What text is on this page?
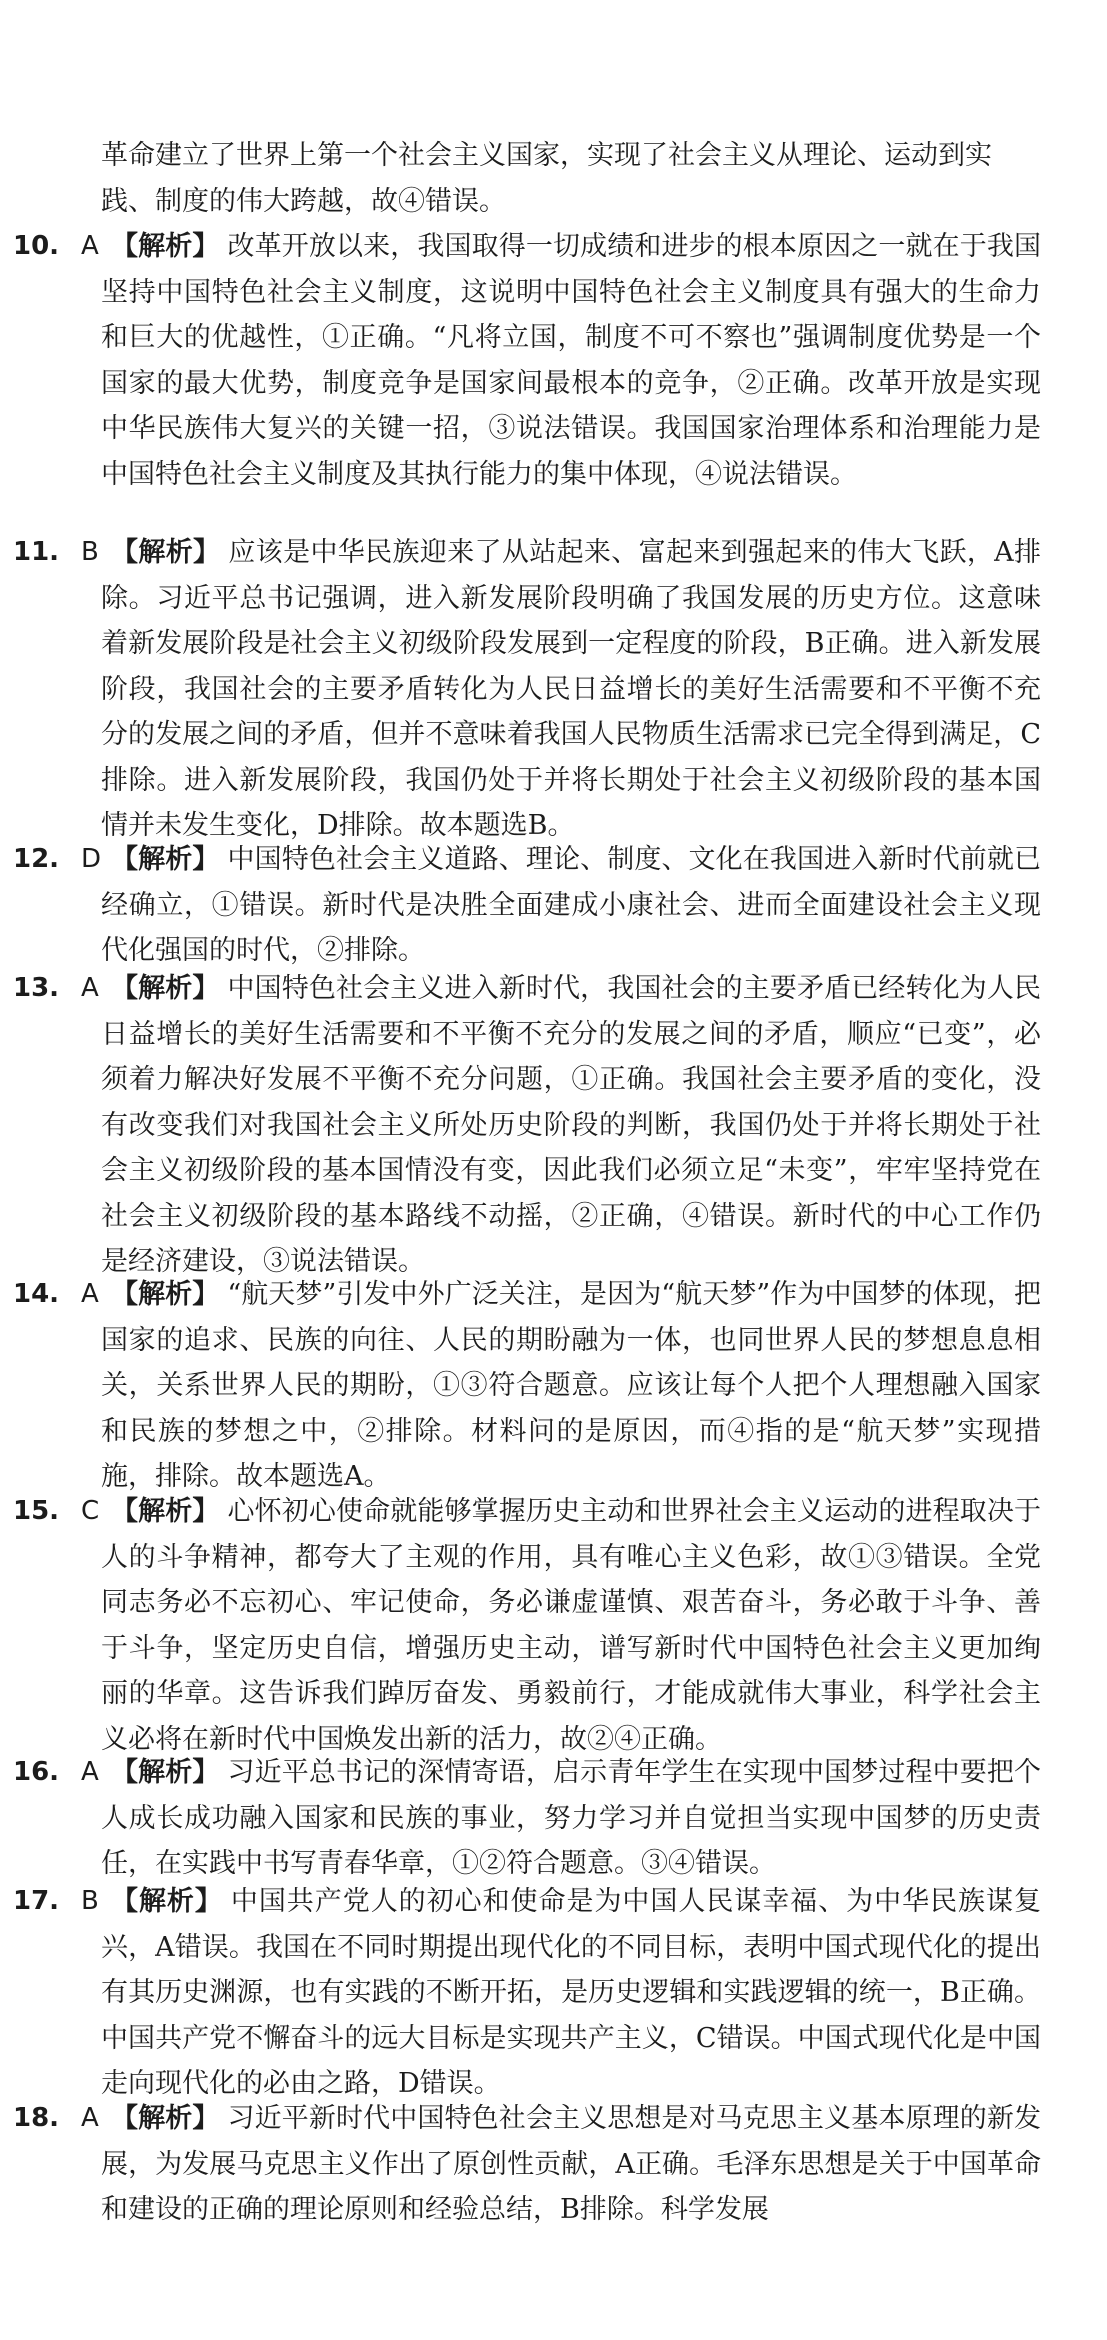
革命建立了世界上第一个社会主义国家，实现了社会主义从理论、运动到实践、制度的伟大跨越，故④错误。
10. A 【解析】 改革开放以来，我国取得一切成绩和进步的根本原因之一就在于我国坚持中国特色社会主义制度，这说明中国特色社会主义制度具有强大的生命力和巨大的优越性，①正确。“凡将立国，制度不可不察也”强调制度优势是一个国家的最大优势，制度竞争是国家间最根本的竞争，②正确。改革开放是实现中华民族伟大复兴的关键一招，③说法错误。我国国家治理体系和治理能力是中国特色社会主义制度及其执行能力的集中体现，④说法错误。
11. B 【解析】 应该是中华民族迎来了从站起来、富起来到强起来的伟大飞跃，A排除。习近平总书记强调，进入新发展阶段明确了我国发展的历史方位。这意味着新发展阶段是社会主义初级阶段发展到一定程度的阶段，B正确。进入新发展阶段，我国社会的主要矛盾转化为人民日益增长的美好生活需要和不平衡不充分的发展之间的矛盾，但并不意味着我国人民物质生活需求已完全得到满足，C排除。进入新发展阶段，我国仍处于并将长期处于社会主义初级阶段的基本国情并未发生变化，D排除。故本题选B。
12. D 【解析】 中国特色社会主义道路、理论、制度、文化在我国进入新时代前就已经确立，①错误。新时代是决胜全面建成小康社会、进而全面建设社会主义现代化强国的时代，②排除。
13. A 【解析】 中国特色社会主义进入新时代，我国社会的主要矛盾已经转化为人民日益增长的美好生活需要和不平衡不充分的发展之间的矛盾，顺应“已变”，必须着力解决好发展不平衡不充分问题，①正确。我国社会主要矛盾的变化，没有改变我们对我国社会主义所处历史阶段的判断，我国仍处于并将长期处于社会主义初级阶段的基本国情没有变，因此我们必须立足“未变”，牢牢坚持党在社会主义初级阶段的基本路线不动摇，②正确，④错误。新时代的中心工作仍是经济建设，③说法错误。
14. A 【解析】 “航天梦”引发中外广泛关注，是因为“航天梦”作为中国梦的体现，把国家的追求、民族的向往、人民的期盼融为一体，也同世界人民的梦想息息相关，关系世界人民的期盼，①③符合题意。应该让每个人把个人理想融入国家和民族的梦想之中，②排除。材料问的是原因，而④指的是“航天梦”实现措施，排除。故本题选A。
15. C 【解析】 心怀初心使命就能够掌握历史主动和世界社会主义运动的进程取决于人的斗争精神，都夸大了主观的作用，具有唯心主义色彩，故①③错误。全党同志务必不忘初心、牢记使命，务必谦虚谨慎、艰苦奋斗，务必敢于斗争、善于斗争，坚定历史自信，增强历史主动，谱写新时代中国特色社会主义更加绚丽的华章。这告诉我们踔厉奋发、勇毅前行，才能成就伟大事业，科学社会主义必将在新时代中国焕发出新的活力，故②④正确。
16. A 【解析】 习近平总书记的深情寄语，启示青年学生在实现中国梦过程中要把个人成长成功融入国家和民族的事业，努力学习并自觉担当实现中国梦的历史责任，在实践中书写青春华章，①②符合题意。③④错误。
17. B 【解析】 中国共产党人的初心和使命是为中国人民谋幸福、为中华民族谋复兴，A错误。我国在不同时期提出现代化的不同目标，表明中国式现代化的提出有其历史渊源，也有实践的不断开拓，是历史逻辑和实践逻辑的统一，B正确。中国共产党不懈奋斗的远大目标是实现共产主义，C错误。中国式现代化是中国走向现代化的必由之路，D错误。
18. A 【解析】 习近平新时代中国特色社会主义思想是对马克思主义基本原理的新发展，为发展马克思主义作出了原创性贡献，A正确。毛泽东思想是关于中国革命和建设的正确的理论原则和经验总结，B排除。科学发展
